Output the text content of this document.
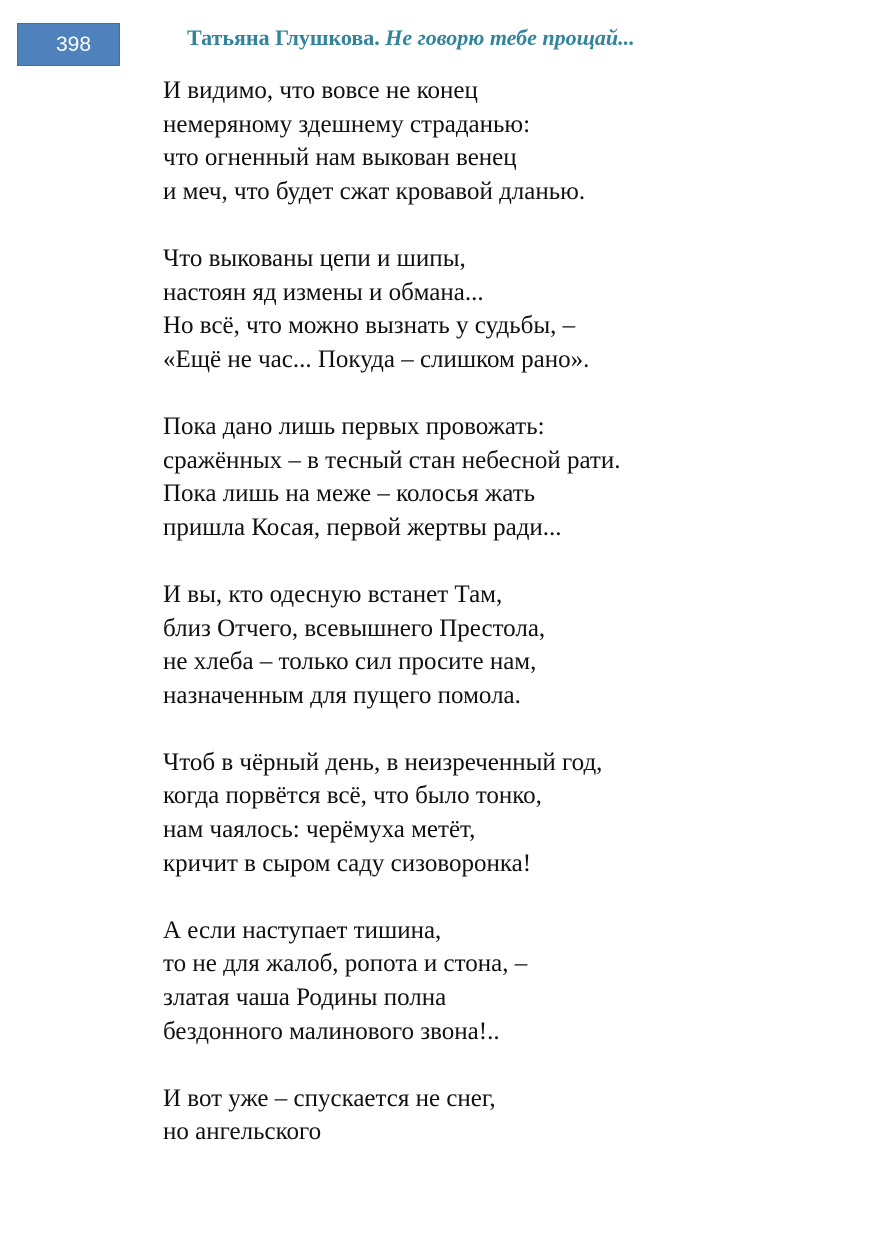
398	Татьяна Глушкова. Не говорю тебе прощай...
И видимо, что вовсе не конец
немеряному здешнему страданью:
что огненный нам выкован венец
и меч, что будет сжат кровавой дланью.
Что выкованы цепи и шипы,
настоян яд измены и обмана...
Но всё, что можно вызнать у судьбы, –
«Ещё не час... Покуда – слишком рано».
Пока дано лишь первых провожать:
сражённых – в тесный стан небесной рати.
Пока лишь на меже – колосья жать
пришла Косая, первой жертвы ради...
И вы, кто одесную встанет Там,
близ Отчего, всевышнего Престола,
не хлеба – только сил просите нам,
назначенным для пущего помола.
Чтоб в чёрный день, в неизреченный год,
когда порвётся всё, что было тонко,
нам чаялось: черёмуха метёт,
кричит в сыром саду сизоворонка!
А если наступает тишина,
то не для жалоб, ропота и стона, –
златая чаша Родины полна
бездонного малинового звона!..
И вот уже – спускается не снег,
но ангельского
